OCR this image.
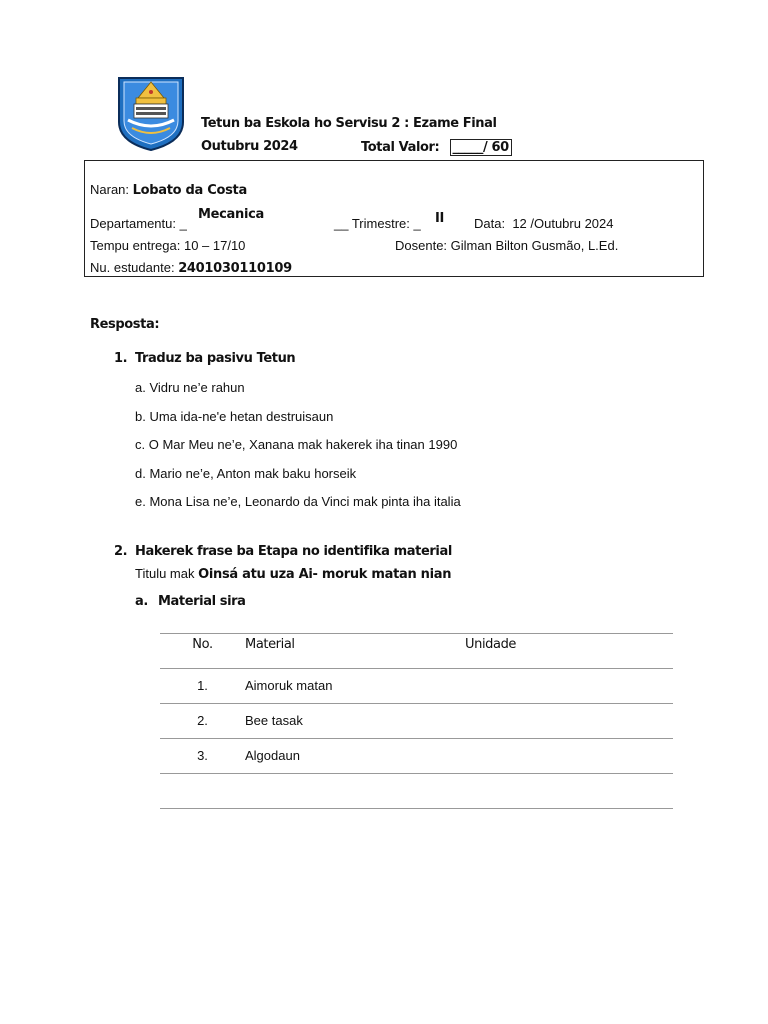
Tetun ba Eskola ho Servisu 2 : Ezame Final
Outubru 2024	Total Valor: _____/ 60
Naran: Lobato da Costa
Departamentu: _
Mecanica
__ Trimestre: _ II Data: 12 /Outubru 2024
Tempu entrega: 10 – 17/10	Dosente: Gilman Bilton Gusmão, L.Ed.
Nu. estudante: 2401030110109
Resposta:
1. Traduz ba pasivu Tetun
a. Vidru ne’e rahun
b. Uma ida-ne'e hetan destruisaun
c. O Mar Meu ne’e, Xanana mak hakerek iha tinan 1990
d. Mario ne’e, Anton mak baku horseik
e. Mona Lisa ne’e, Leonardo da Vinci mak pinta iha italia
2. Hakerek frase ba Etapa no identifika material
Titulu mak Oinsá atu uza Ai- moruk matan nian
a. Material sira
No.	Material	Unidade

1.	Aimoruk matan	

2.	Bee tasak	

3.	Algodaun	
